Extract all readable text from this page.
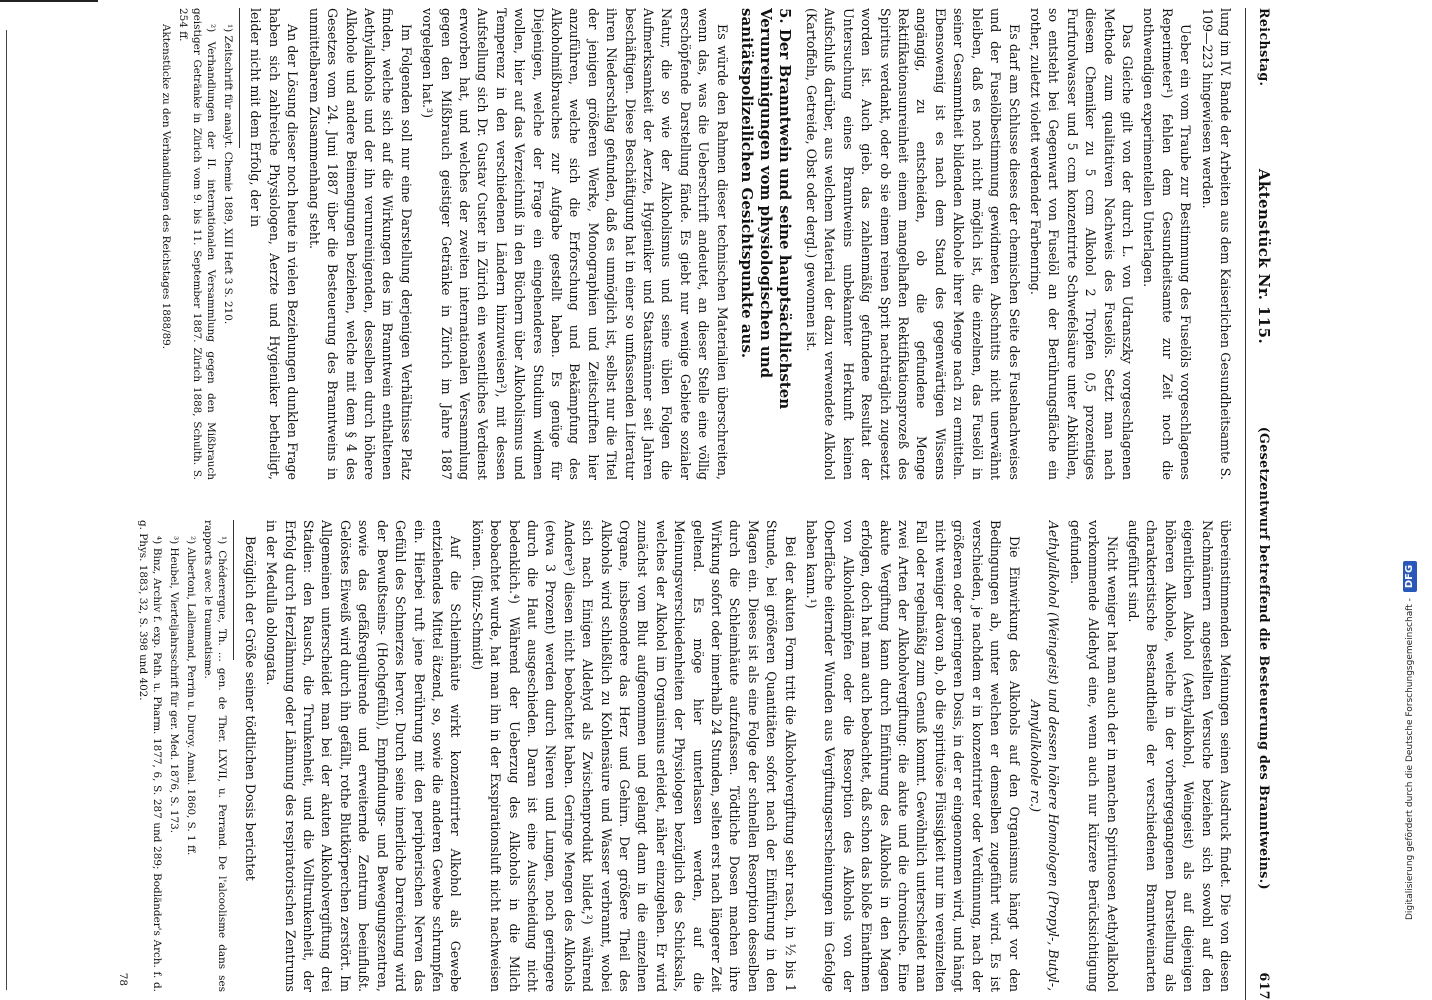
Reichstag.
Aktenstück Nr. 115.
(Gesetzentwurf betreffend die Besteuerung des Branntweins.)
617

lung im IV. Bande der Arbeiten aus dem Kaiserlichen Gesundheitsamte S. 109—223 hingewiesen werden.

Ueber ein vom Traube zur Bestimmung des Fuselöls vorgeschlagenes Reperimeter¹) fehlen dem Gesundheitsamte zur Zeit noch die nothwendigen experimentellen Unterlagen.

Das Gleiche gilt von der durch L. von Udranszky vorgeschlagenen Methode zum qualitativen Nachweis des Fuselöls. Setzt man nach diesem Chemiker zu 5 ccm Alkohol 2 Tropfen 0,5 prozentiges Furfurolwasser und 5 ccm konzentrirte Schwefelsäure unter Abkühlen, so entsteht bei Gegenwart von Fuselöl an der Berührungsfläche ein rother, zuletzt violett werdender Farbenring.

Es darf am Schlusse dieses der chemischen Seite des Fuselnachweises und der Fuselölbestimmung gewidmeten Abschnitts nicht unerwähnt bleiben, daß es noch nicht möglich ist, die einzelnen, das Fuselöl in seiner Gesammtheit bildenden Alkohole ihrer Menge nach zu ermitteln. Ebensowenig ist es nach dem Stand des gegenwärtigen Wissens angängig, zu entscheiden, ob die gefundene Menge Rektifikationsunreinheit einem mangelhaften Rektifikationsprozeß des Spiritus verdankt, oder ob sie einem reinen Sprit nachträglich zugesetzt worden ist. Auch gieb. das zahlenmäßig gefundene Resultat der Untersuchung eines Branntweins unbekannter Herkunft keinen Aufschluß darüber, aus welchem Material der dazu verwendete Alkohol (Kartoffeln, Getreide, Obst oder dergl.) gewonnen ist.

5. Der Branntwein und seine hauptsächlichsten Verunreinigungen vom physiologischen und sanitätspolizeilichen Gesichtspunkte aus.

Es würde den Rahmen dieser technischen Materialien überschreiten, wenn das, was die Ueberschrift andeutet, an dieser Stelle eine völlig erschöpfende Darstellung fände. Es giebt nur wenige Gebiete sozialer Natur, die so wie der Alkoholismus und seine üblen Folgen die Aufmerksamkeit der Aerzte, Hygieniker und Staatsmänner seit Jahren beschäftigen. Diese Beschäftigung hat in einer so umfassenden Literatur ihren Niederschlag gefunden, daß es unmöglich ist, selbst nur die Titel der jenigen größeren Werke, Monographien und Zeitschriften hier anzuführen, welche sich die Erforschung und Bekämpfung des Alkoholmißbrauches zur Aufgabe gestellt haben. Es genüge für Diejenigen, welche der Frage ein eingehenderes Studium widmen wollen, hier auf das Verzeichniß in den Büchern über Alkoholismus und Temperenz in den verschiedenen Ländern hinzuweisen²), mit dessen Aufstellung sich Dr. Gustav Custer in Zürich ein wesentliches Verdienst erworben hat, und welches der zweiten internationalen Versammlung gegen den Mißbrauch geistiger Getränke in Zürich im Jahre 1887 vorgelegen hat.³)

Im Folgenden soll nur eine Darstellung derjenigen Verhältnisse Platz finden, welche sich auf die Wirkungen des im Branntwein enthaltenen Aethylalkohols und der ihn verunreinigenden, desselben durch höhere Alkohole und andere Beimengungen beziehen, welche mit dem § 4 des Gesetzes vom 24. Juni 1887 über die Besteuerung des Branntweins in unmittelbarem Zusammenhang steht.

An der Lösung dieser noch heute in vielen Beziehungen dunklen Frage haben sich zahlreiche Physiologen, Aerzte und Hygieniker betheiligt, leider nicht mit dem Erfolg, der in

¹) Zeitschrift für analyt. Chemie 1889, XIII Heft 3 S. 210.

²) Verhandlungen der II. internationalen Versammlung gegen den Mißbrauch geistiger Getränke in Zürich vom 9. bis 11. September 1887. Zürich 1888, Schulth. S. 254 ff.

Aktenstücke zu den Verhandlungen des Reichstages 1888/89.

übereinstimmenden Meinungen seinen Ausdruck findet. Die von diesen Nachmännern angestellten Versuche beziehen sich sowohl auf den eigentlichen Alkohol (Aethylalkohol, Weingeist) als auf diejenigen höheren Alkohole, welche in der vorhergegangenen Darstellung als charakteristische Bestandtheile der verschiedenen Branntweinarten aufgeführt sind.

Nicht weniger hat man auch der in manchen Spirituosen Aethylalkohol vorkommende Aldehyd eine, wenn auch nur kürzere Berücksichtigung gefunden.

Aethylalkohol (Weingeist) und dessen höhere Homologen (Propyl-, Butyl-, Amylalkohole rc.)

Die Einwirkung des Alkohols auf den Organismus hängt vor den Bedingungen ab, unter welchen er demselben zugeführt wird. Es ist verschieden, je nachdem er in konzentrirter oder Verdünnung, nach der größeren oder geringeren Dosis, in der er eingenommen wird, und hängt nicht weniger davon ab, ob die spirituöse Flüssigkeit nur im vereinzelten Fall oder regelmäßig zum Genuß kommt. Gewöhnlich unterscheidet man zwei Arten der Alkoholvergiftung: die akute und die chronische. Eine akute Vergiftung kann durch Einführung des Alkohols in den Magen erfolgen, doch hat man auch beobachtet, daß schon das bloße Einathmen von Alkoholdämpfen oder die Resorption des Alkohols von der Oberfläche eiternder Wunden aus Vergiftungserscheinungen im Gefolge haben kann.¹)

Bei der akuten Form tritt die Alkoholvergiftung sehr rasch, in ½ bis 1 Stunde, bei größeren Quantitäten sofort nach der Einführung in den Magen ein. Dieses ist als eine Folge der schnellen Resorption desselben durch die Schleimhäute aufzufassen. Tödtliche Dosen machen ihre Wirkung sofort oder innerhalb 24 Stunden, selten erst nach längerer Zeit geltend. Es möge hier unterlassen werden, auf die Meinungsverschiedenheiten der Physiologen bezüglich des Schicksals, welches der Alkohol im Organismus erleidet, näher einzugehen. Er wird zunächst vom Blut aufgenommen und gelangt dann in die einzelnen Organe, insbesondere das Herz und Gehirn. Der größere Theil des Alkohols wird schließlich zu Kohlensäure und Wasser verbrannt, wobei sich nach Einigen Aldehyd als Zwischenprodukt bildet,²) während Andere³) diesen nicht beobachtet haben. Geringe Mengen des Alkohols (etwa 3 Prozent) werden durch Nieren und Lungen, noch geringere durch die Haut ausgeschieden. Daran ist eine Ausscheidung nicht bedenklich.⁴) Während der Ueberzug des Alkohols in die Milch beobachtet wurde, hat man ihn in der Exspirationsluft nicht nachweisen können. (Binz-Schmidt)

Auf die Schleimhäute wirkt konzentrirter Alkohol als Gewebe entziehendes Mittel ätzend, so, sowie die anderen Gewebe schrumpfen ein. Hierbei ruft jene Berührung mit den peripherischen Nerven das Gefühl des Schmerzes hervor. Durch seine innerliche Darreichung wird der Bewußtseins- (Hochgefühl), Empfindungs- und Bewegungszentren, sowie das gefäßregulirende und erweiternde Zentrum beeinflußt. Gelöstes Eiweiß wird durch ihn gefällt, rothe Blutkörperchen zerstört. Im Allgemeinen unterscheidet man bei der akuten Alkoholvergiftung drei Stadien: den Rausch, die Trunkenheit, und die Volltrunkenheit, der Erfolg durch Herzlähmung oder Lähmung des respiratorischen Zentrums in der Medulla oblongata.

Bezüglich der Größe seiner tödtlichen Dosis berichtet

¹) Chéderergue, Th. ... gen. de Ther. LXVII, u. Perrand. De l'alcoolisme dans ses rapports avec le traumatisme.

²) Albertoni, Lallemand, Perrin u. Duroy. Annal. 1860, S. 1 ff.

³) Heubel, Vierteljahrsschrift für ger. Med. 1876, S. 173.

⁴) Binz, Archiv f. exp. Path. u. Pharm. 1877, 6, S. 287 und 289; Bodländer's Arch. f. d. g. Phys. 1883, 32, S. 398 und 402.

78
Digitalisierung gefördert durch die Deutsche Forschungsgemeinschaft -
DFG
